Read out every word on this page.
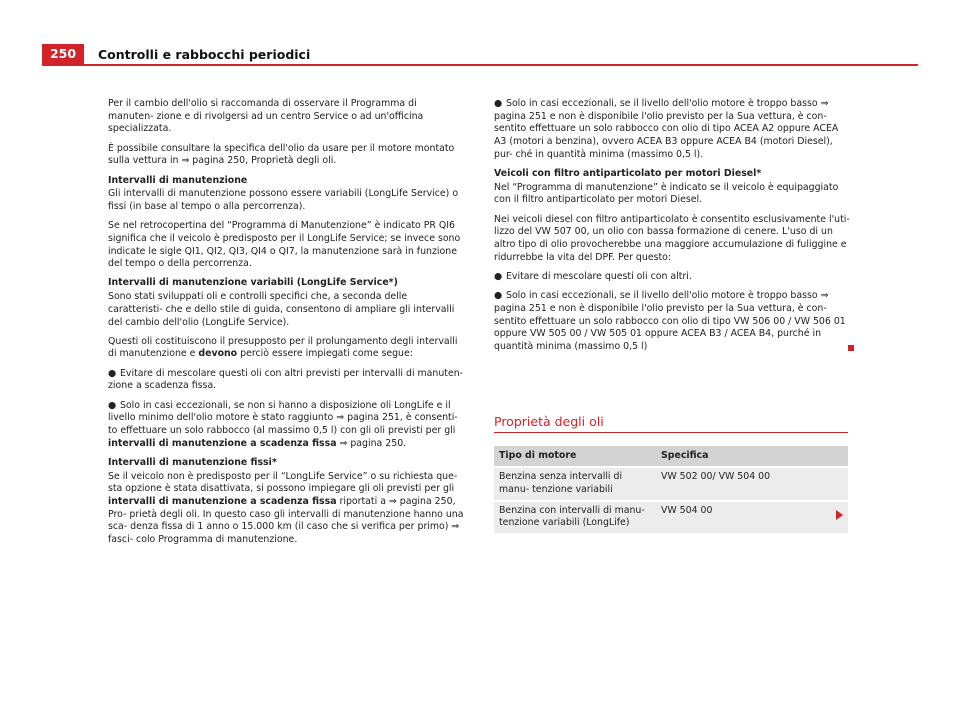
250	Controlli e rabbocchi periodici

Per il cambio dell'olio si raccomanda di osservare il Programma di manuten- zione e di rivolgersi ad un centro Service o ad un'officina specializzata.

È possibile consultare la specifica dell'olio da usare per il motore montato sulla vettura in ⇒ pagina 250, Proprietà degli oli.

Intervalli di manutenzione

Gli intervalli di manutenzione possono essere variabili (LongLife Service) o fissi (in base al tempo o alla percorrenza).

Se nel retrocopertina del “Programma di Manutenzione” è indicato PR QI6 significa che il veicolo è predisposto per il LongLife Service; se invece sono indicate le sigle QI1, QI2, QI3, QI4 o QI7, la manutenzione sarà in funzione del tempo o della percorrenza.

Intervalli di manutenzione variabili (LongLife Service*)

Sono stati sviluppati oli e controlli specifici che, a seconda delle caratteristi- che e dello stile di guida, consentono di ampliare gli intervalli del cambio dell'olio (LongLife Service).

Questi oli costituiscono il presupposto per il prolungamento degli intervalli di manutenzione e devono perciò essere impiegati come segue:

● Evitare di mescolare questi oli con altri previsti per intervalli di manuten- zione a scadenza fissa.
● Solo in casi eccezionali, se non si hanno a disposizione oli LongLife e il livello minimo dell'olio motore è stato raggiunto ⇒ pagina 251, è consenti- to effettuare un solo rabbocco (al massimo 0,5 l) con gli oli previsti per gli intervalli di manutenzione a scadenza fissa ⇒ pagina 250.
Intervalli di manutenzione fissi*

Se il veicolo non è predisposto per il “LongLife Service” o su richiesta que- sta opzione è stata disattivata, si possono impiegare gli oli previsti per gli intervalli di manutenzione a scadenza fissa riportati a ⇒ pagina 250, Pro- prietà degli oli. In questo caso gli intervalli di manutenzione hanno una sca- denza fissa di 1 anno o 15.000 km (il caso che si verifica per primo) ⇒ fasci- colo Programma di manutenzione.

● Solo in casi eccezionali, se il livello dell'olio motore è troppo basso ⇒ pagina 251 e non è disponibile l'olio previsto per la Sua vettura, è con- sentito effettuare un solo rabbocco con olio di tipo ACEA A2 oppure ACEA A3 (motori a benzina), ovvero ACEA B3 oppure ACEA B4 (motori Diesel), pur- ché in quantità minima (massimo 0,5 l).
Veicoli con filtro antiparticolato per motori Diesel*

Nel “Programma di manutenzione” è indicato se il veicolo è equipaggiato con il filtro antiparticolato per motori Diesel.

Nei veicoli diesel con filtro antiparticolato è consentito esclusivamente l'uti- lizzo del VW 507 00, un olio con bassa formazione di cenere. L'uso di un altro tipo di olio provocherebbe una maggiore accumulazione di fuliggine e ridurrebbe la vita del DPF. Per questo:

● Evitare di mescolare questi oli con altri.
● Solo in casi eccezionali, se il livello dell'olio motore è troppo basso ⇒ pagina 251 e non è disponibile l'olio previsto per la Sua vettura, è con- sentito effettuare un solo rabbocco con olio di tipo VW 506 00 / VW 506 01 oppure VW 505 00 / VW 505 01 oppure ACEA B3 / ACEA B4, purché in quantità minima (massimo 0,5 l)
Proprietà degli oli
Tipo di motore	Specifica
Benzina senza intervalli di manu- tenzione variabili	VW 502 00/ VW 504 00
Benzina con intervalli di manu- tenzione variabili (LongLife)	VW 504 00
